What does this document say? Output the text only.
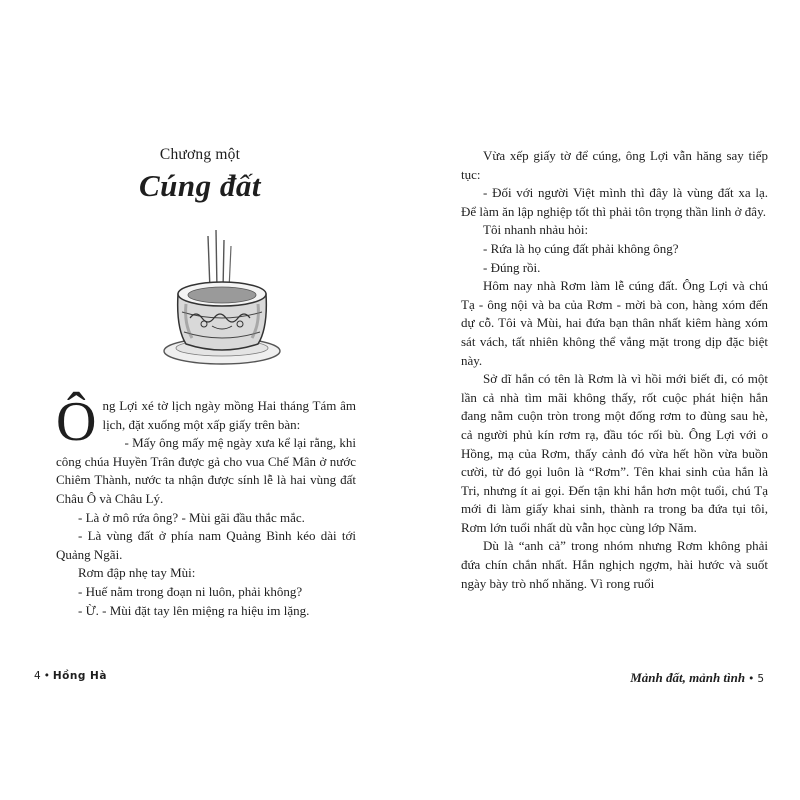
Chương một
Cúng đất

Ông Lợi xé tờ lịch ngày mồng Hai tháng Tám âm lịch, đặt xuống một xấp giấy trên bàn:

- Mấy ông mấy mệ ngày xưa kể lại rằng, khi công chúa Huyền Trân được gả cho vua Chế Mân ở nước Chiêm Thành, nước ta nhận được sính lễ là hai vùng đất Châu Ô và Châu Lý.

- Là ở mô rứa ông? - Mùi gãi đầu thắc mắc.

- Là vùng đất ở phía nam Quảng Bình kéo dài tới Quảng Ngãi.

Rơm đập nhẹ tay Mùi:

- Huế nằm trong đoạn ni luôn, phải không?

- Ừ. - Mùi đặt tay lên miệng ra hiệu im lặng.

4 • Hồng Hà

Vừa xếp giấy tờ để cúng, ông Lợi vẫn hăng say tiếp tục:

- Đối với người Việt mình thì đây là vùng đất xa lạ. Để làm ăn lập nghiệp tốt thì phải tôn trọng thần linh ở đây.

Tôi nhanh nhảu hỏi:

- Rứa là họ cúng đất phải không ông?

- Đúng rồi.

Hôm nay nhà Rơm làm lễ cúng đất. Ông Lợi và chú Tạ - ông nội và ba của Rơm - mời bà con, hàng xóm đến dự cỗ. Tôi và Mùi, hai đứa bạn thân nhất kiêm hàng xóm sát vách, tất nhiên không thể vắng mặt trong dịp đặc biệt này.

Sở dĩ hắn có tên là Rơm là vì hồi mới biết đi, có một lần cả nhà tìm mãi không thấy, rốt cuộc phát hiện hắn đang nằm cuộn tròn trong một đống rơm to đùng sau hè, cả người phủ kín rơm rạ, đầu tóc rối bù. Ông Lợi với o Hồng, mạ của Rơm, thấy cảnh đó vừa hết hồn vừa buồn cười, từ đó gọi luôn là “Rơm”. Tên khai sinh của hắn là Tri, nhưng ít ai gọi. Đến tận khi hắn hơn một tuổi, chú Tạ mới đi làm giấy khai sinh, thành ra trong ba đứa tụi tôi, Rơm lớn tuổi nhất dù vẫn học cùng lớp Năm.

Dù là “anh cả” trong nhóm nhưng Rơm không phải đứa chín chắn nhất. Hắn nghịch ngợm, hài hước và suốt ngày bày trò nhố nhăng. Vì rong ruổi

Mảnh đất, mảnh tình • 5
